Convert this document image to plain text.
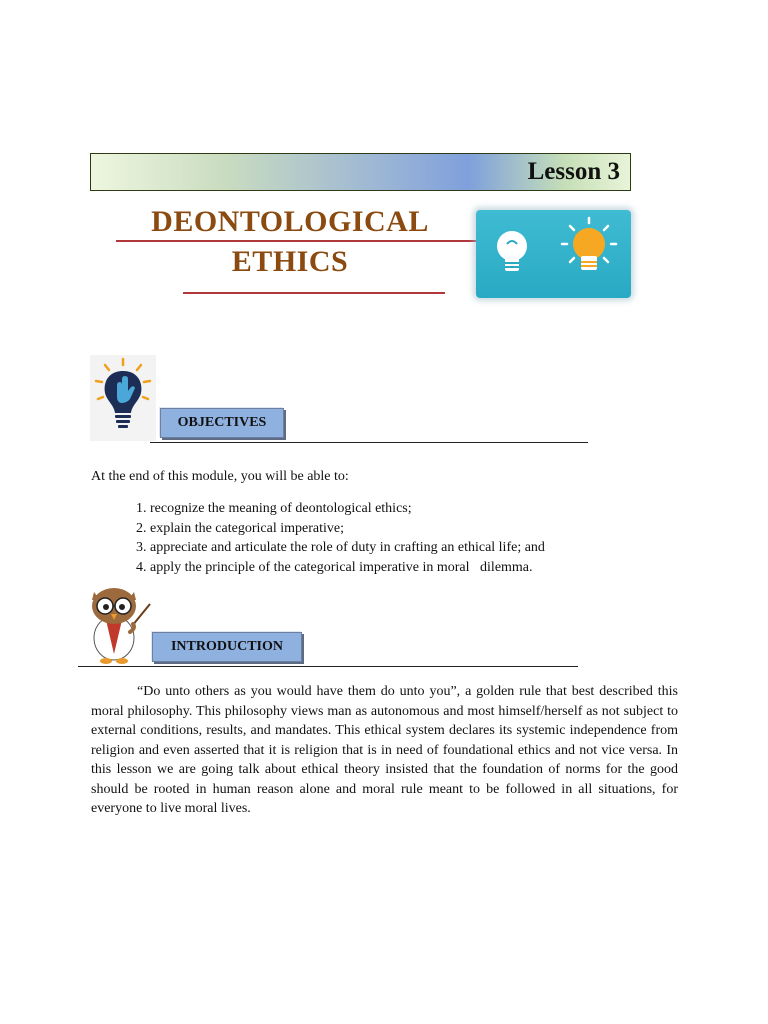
Lesson 3
DEONTOLOGICAL
ETHICS
OBJECTIVES
At the end of this module, you will be able to:
1. recognize the meaning of deontological ethics;
2. explain the categorical imperative;
3. appreciate and articulate the role of duty in crafting an ethical life; and
4. apply the principle of the categorical imperative in moral   dilemma.
INTRODUCTION

“Do unto others as you would have them do unto you”, a golden rule that best described this moral philosophy. This philosophy views man as autonomous and most himself/herself as not subject to external conditions, results, and mandates. This ethical system declares its systemic independence from religion and even asserted that it is religion that is in need of foundational ethics and not vice versa. In this lesson we are going talk about ethical theory insisted that the foundation of norms for the good should be rooted in human reason alone and moral rule meant to be followed in all situations, for everyone to live moral lives.
